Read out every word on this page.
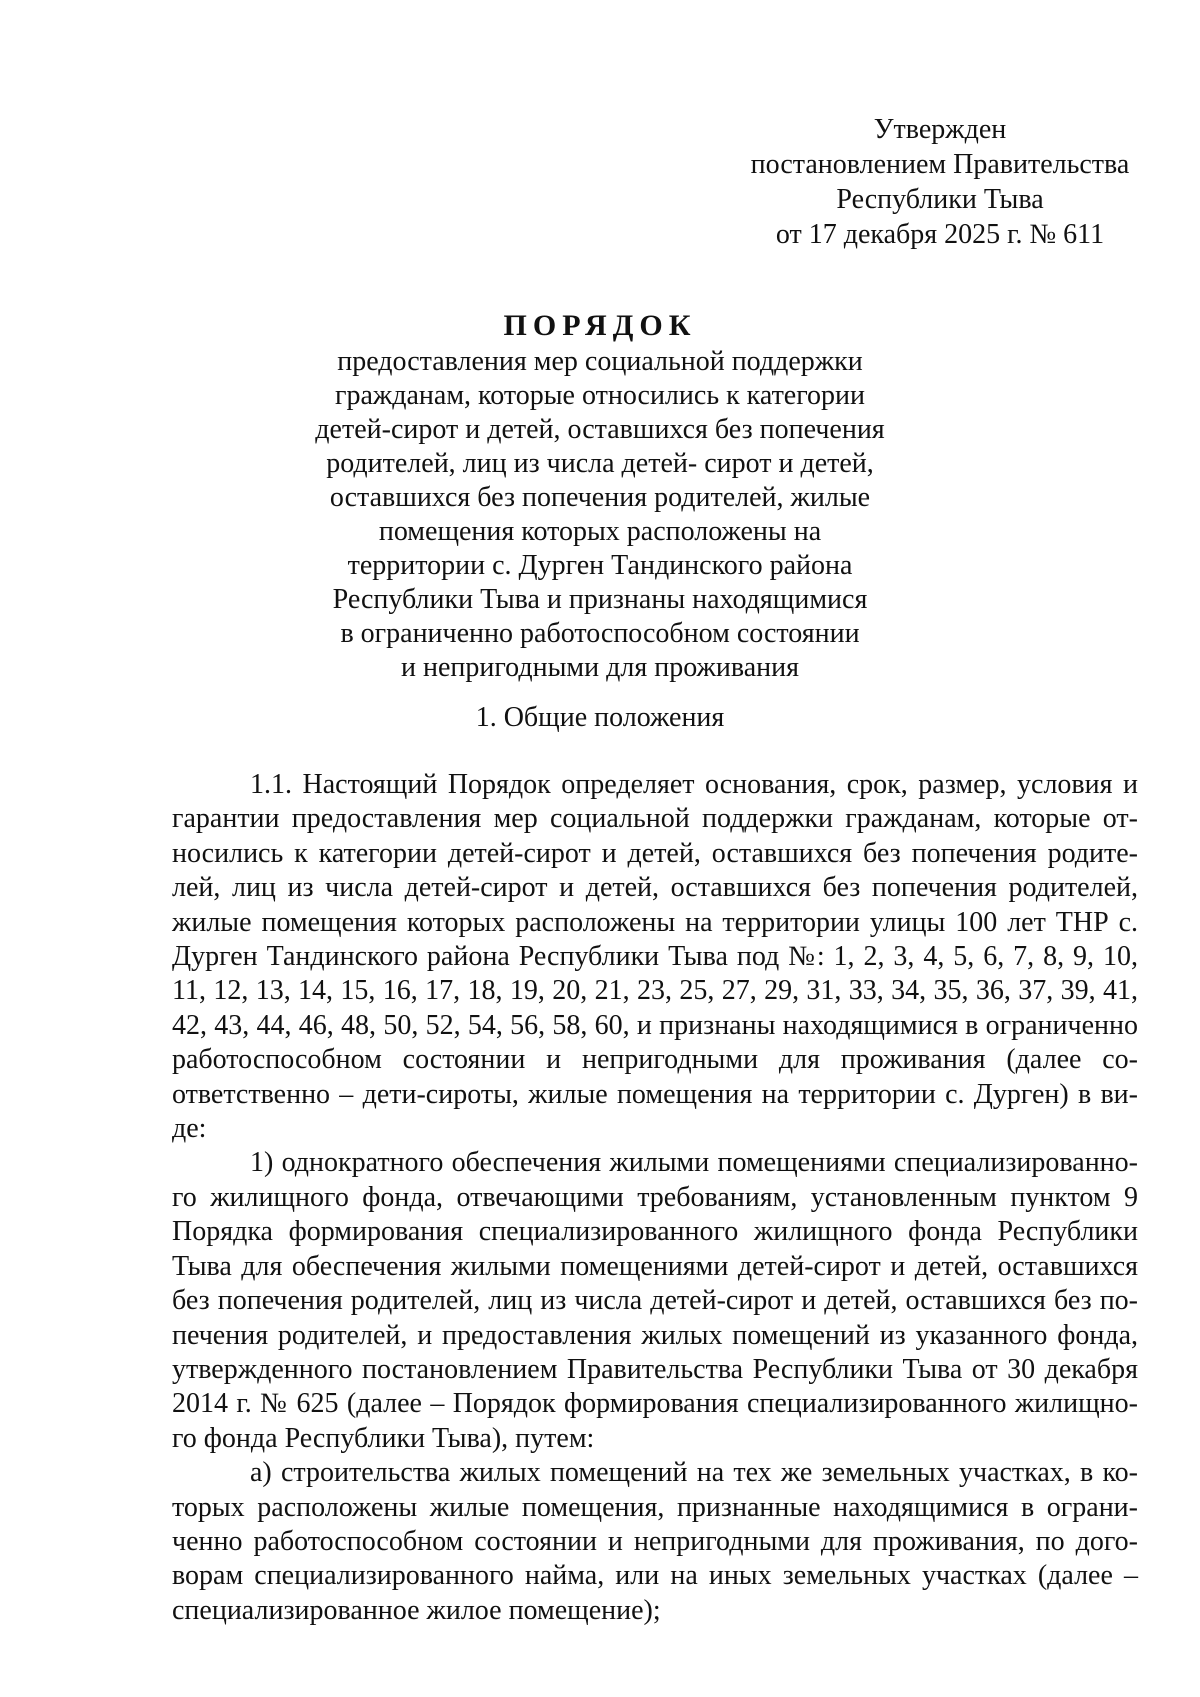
Утвержден
постановлением Правительства
Республики Тыва
от 17 декабря 2025 г. № 611
ПОРЯДОК
предоставления мер социальной поддержки
гражданам, которые относились к категории
детей-сирот и детей, оставшихся без попечения
родителей, лиц из числа детей- сирот и детей,
оставшихся без попечения родителей, жилые
помещения которых расположены на
территории с. Дурген Тандинского района
Республики Тыва и признаны находящимися
в ограниченно работоспособном состоянии
и непригодными для проживания
1. Общие положения

1.1. Настоящий Порядок определяет основания, срок, размер, условия и гарантии предоставления мер социальной поддержки гражданам, которые относились к категории детей-сирот и детей, оставшихся без попечения родителей, лиц из числа детей-сирот и детей, оставшихся без попечения родителей, жилые помещения которых расположены на территории улицы 100 лет ТНР с. Дурген Тандинского района Республики Тыва под №: 1, 2, 3, 4, 5, 6, 7, 8, 9, 10, 11, 12, 13, 14, 15, 16, 17, 18, 19, 20, 21, 23, 25, 27, 29, 31, 33, 34, 35, 36, 37, 39, 41, 42, 43, 44, 46, 48, 50, 52, 54, 56, 58, 60, и признаны находящимися в ограниченно работоспособном состоянии и непригодными для проживания (далее соответственно – дети-сироты, жилые помещения на территории с. Дурген) в виде:

1) однократного обеспечения жилыми помещениями специализированного жилищного фонда, отвечающими требованиям, установленным пунктом 9 Порядка формирования специализированного жилищного фонда Республики Тыва для обеспечения жилыми помещениями детей-сирот и детей, оставшихся без попечения родителей, лиц из числа детей-сирот и детей, оставшихся без попечения родителей, и предоставления жилых помещений из указанного фонда, утвержденного постановлением Правительства Республики Тыва от 30 декабря 2014 г. № 625 (далее – Порядок формирования специализированного жилищного фонда Республики Тыва), путем:

а) строительства жилых помещений на тех же земельных участках, в которых расположены жилые помещения, признанные находящимися в ограниченно работоспособном состоянии и непригодными для проживания, по договорам специализированного найма, или на иных земельных участках (далее – специализированное жилое помещение);
